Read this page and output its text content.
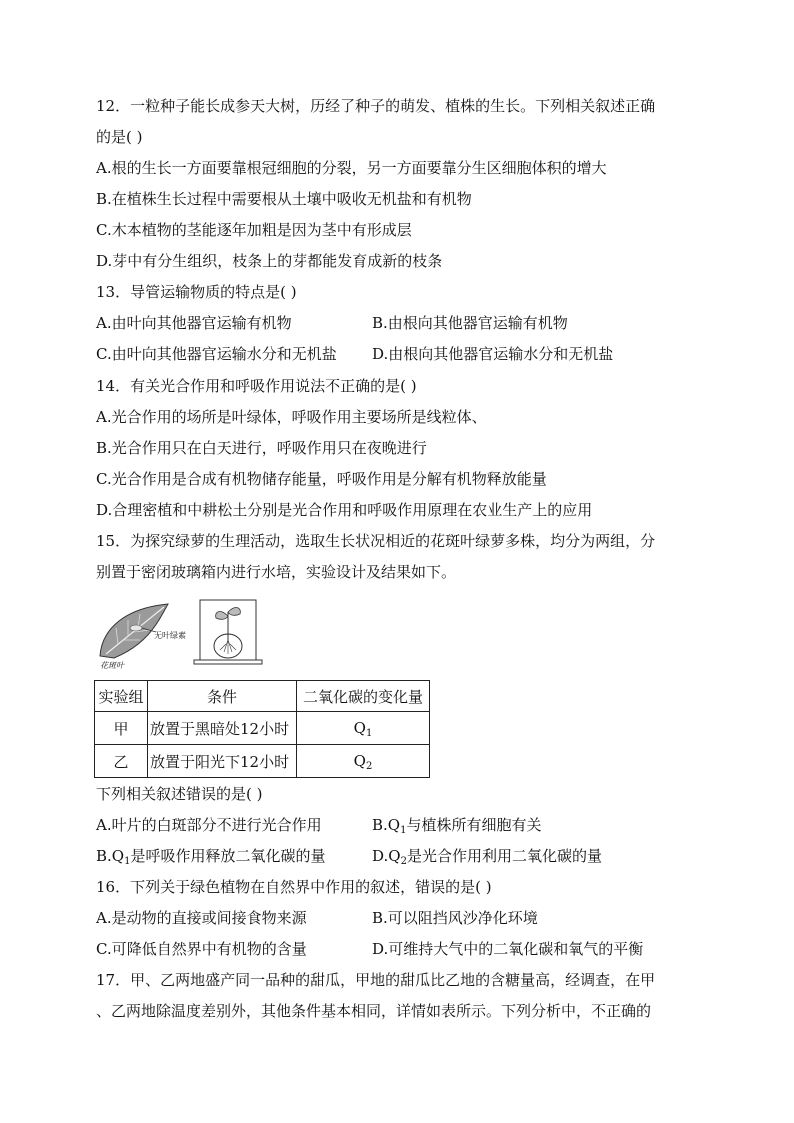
12．一粒种子能长成参天大树，历经了种子的萌发、植株的生长。下列相关叙述正确
的是( )
A.根的生长一方面要靠根冠细胞的分裂，另一方面要靠分生区细胞体积的增大
B.在植株生长过程中需要根从土壤中吸收无机盐和有机物
C.木本植物的茎能逐年加粗是因为茎中有形成层
D.芽中有分生组织，枝条上的芽都能发育成新的枝条
13．导管运输物质的特点是( )
A.由叶向其他器官运输有机物	B.由根向其他器官运输有机物
C.由叶向其他器官运输水分和无机盐 D.由根向其他器官运输水分和无机盐
14．有关光合作用和呼吸作用说法不正确的是( )
A.光合作用的场所是叶绿体，呼吸作用主要场所是线粒体、
B.光合作用只在白天进行，呼吸作用只在夜晚进行
C.光合作用是合成有机物储存能量，呼吸作用是分解有机物释放能量
D.合理密植和中耕松土分别是光合作用和呼吸作用原理在农业生产上的应用
15．为探究绿萝的生理活动，选取生长状况相近的花斑叶绿萝多株，均分为两组，分
别置于密闭玻璃箱内进行水培，实验设计及结果如下。
无叶绿素
花斑叶
实验组	条件	二氧化碳的变化量
甲	放置于黑暗处12小时	$Q_1$
乙	放置于阳光下12小时	$Q_2$
下列相关叙述错误的是( )
A.叶片的白斑部分不进行光合作用	$B.Q_1$与植株所有细胞有关
$B.Q_1$是呼吸作用释放二氧化碳的量	$D.Q_2$是光合作用利用二氧化碳的量
16．下列关于绿色植物在自然界中作用的叙述，错误的是( )
A.是动物的直接或间接食物来源	B.可以阻挡风沙净化环境
C.可降低自然界中有机物的含量	D.可维持大气中的二氧化碳和氧气的平衡
17．甲、乙两地盛产同一品种的甜瓜，甲地的甜瓜比乙地的含糖量高，经调查，在甲
、乙两地除温度差别外，其他条件基本相同，详情如表所示。下列分析中，不正确的
